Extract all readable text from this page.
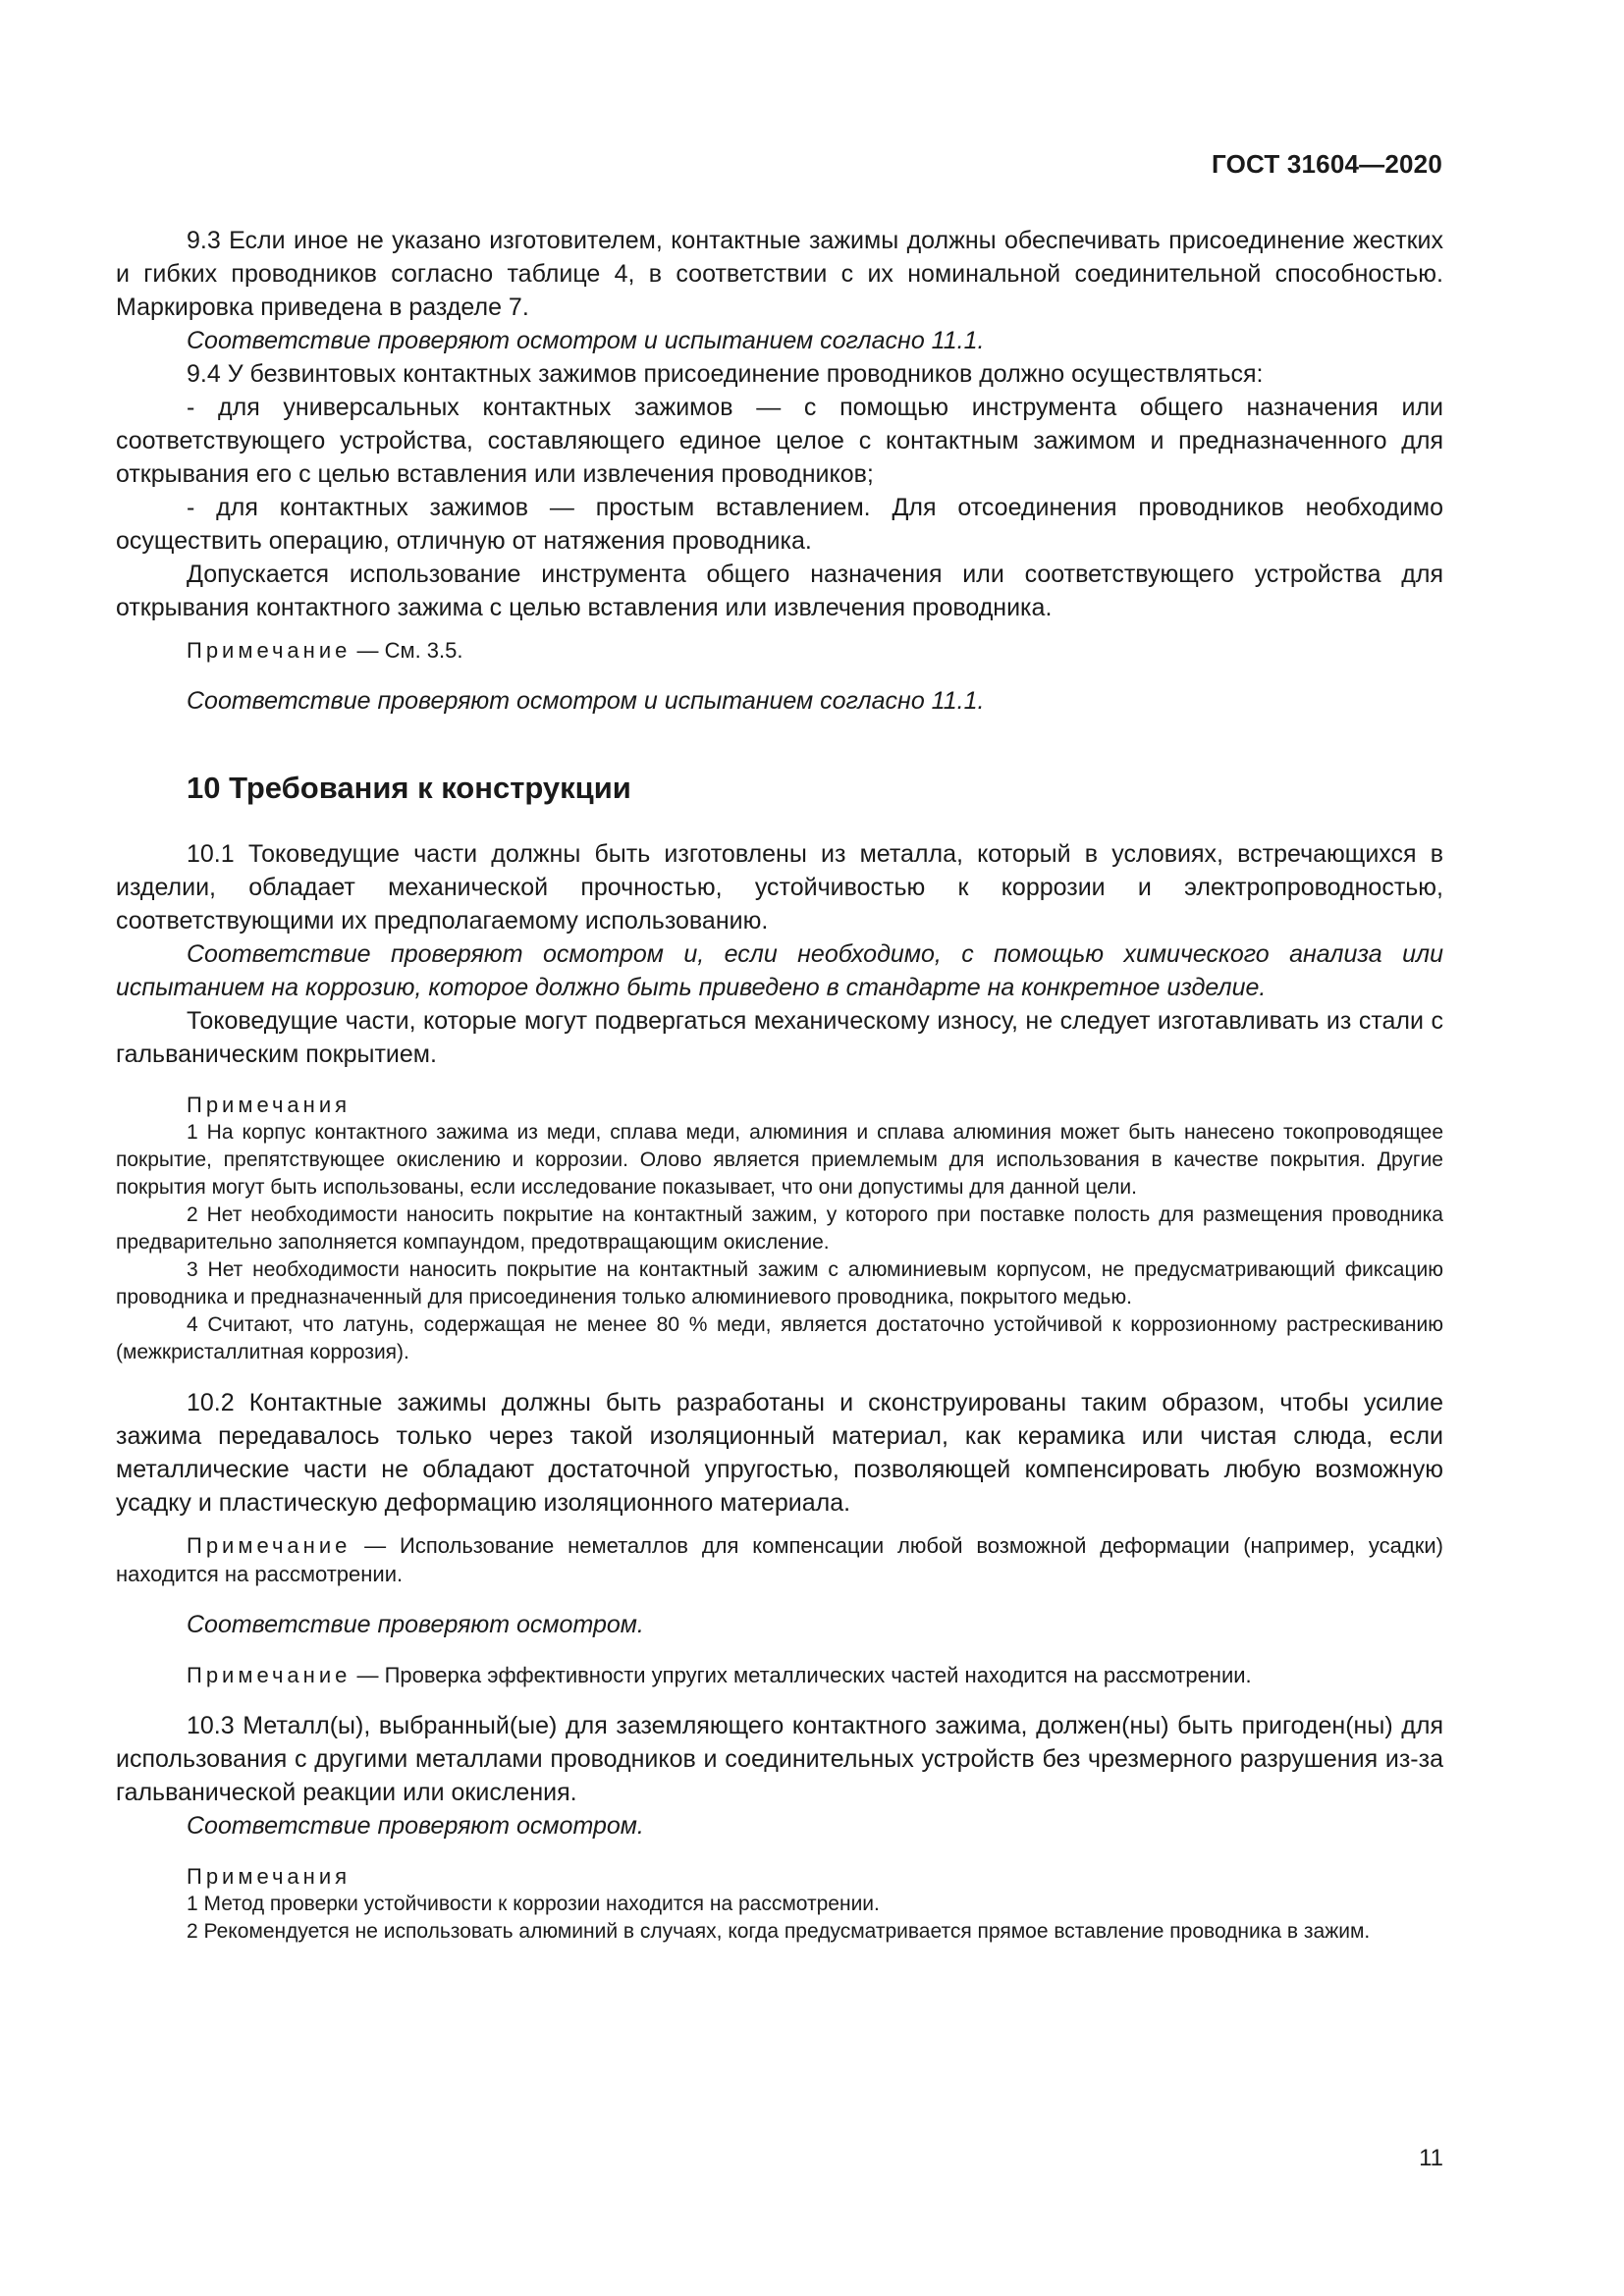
ГОСТ 31604—2020

9.3 Если иное не указано изготовителем, контактные зажимы должны обеспечивать присоединение жестких и гибких проводников согласно таблице 4, в соответствии с их номинальной соединительной способностью. Маркировка приведена в разделе 7.

Соответствие проверяют осмотром и испытанием согласно 11.1.

9.4 У безвинтовых контактных зажимов присоединение проводников должно осуществляться:

- для универсальных контактных зажимов — с помощью инструмента общего назначения или соответствующего устройства, составляющего единое целое с контактным зажимом и предназначенного для открывания его с целью вставления или извлечения проводников;

- для контактных зажимов — простым вставлением. Для отсоединения проводников необходимо осуществить операцию, отличную от натяжения проводника.

Допускается использование инструмента общего назначения или соответствующего устройства для открывания контактного зажима с целью вставления или извлечения проводника.

Примечание — См. 3.5.

Соответствие проверяют осмотром и испытанием согласно 11.1.

10 Требования к конструкции

10.1 Токоведущие части должны быть изготовлены из металла, который в условиях, встречающихся в изделии, обладает механической прочностью, устойчивостью к коррозии и электропроводностью, соответствующими их предполагаемому использованию.

Соответствие проверяют осмотром и, если необходимо, с помощью химического анализа или испытанием на коррозию, которое должно быть приведено в стандарте на конкретное изделие.

Токоведущие части, которые могут подвергаться механическому износу, не следует изготавливать из стали с гальваническим покрытием.

Примечания

1 На корпус контактного зажима из меди, сплава меди, алюминия и сплава алюминия может быть нанесено токопроводящее покрытие, препятствующее окислению и коррозии. Олово является приемлемым для использования в качестве покрытия. Другие покрытия могут быть использованы, если исследование показывает, что они допустимы для данной цели.

2 Нет необходимости наносить покрытие на контактный зажим, у которого при поставке полость для размещения проводника предварительно заполняется компаундом, предотвращающим окисление.

3 Нет необходимости наносить покрытие на контактный зажим с алюминиевым корпусом, не предусматривающий фиксацию проводника и предназначенный для присоединения только алюминиевого проводника, покрытого медью.

4 Считают, что латунь, содержащая не менее 80 % меди, является достаточно устойчивой к коррозионному растрескиванию (межкристаллитная коррозия).

10.2 Контактные зажимы должны быть разработаны и сконструированы таким образом, чтобы усилие зажима передавалось только через такой изоляционный материал, как керамика или чистая слюда, если металлические части не обладают достаточной упругостью, позволяющей компенсировать любую возможную усадку и пластическую деформацию изоляционного материала.

Примечание — Использование неметаллов для компенсации любой возможной деформации (например, усадки) находится на рассмотрении.

Соответствие проверяют осмотром.

Примечание — Проверка эффективности упругих металлических частей находится на рассмотрении.

10.3 Металл(ы), выбранный(ые) для заземляющего контактного зажима, должен(ны) быть пригоден(ны) для использования с другими металлами проводников и соединительных устройств без чрезмерного разрушения из-за гальванической реакции или окисления.

Соответствие проверяют осмотром.

Примечания

1 Метод проверки устойчивости к коррозии находится на рассмотрении.

2 Рекомендуется не использовать алюминий в случаях, когда предусматривается прямое вставление проводника в зажим.

11
